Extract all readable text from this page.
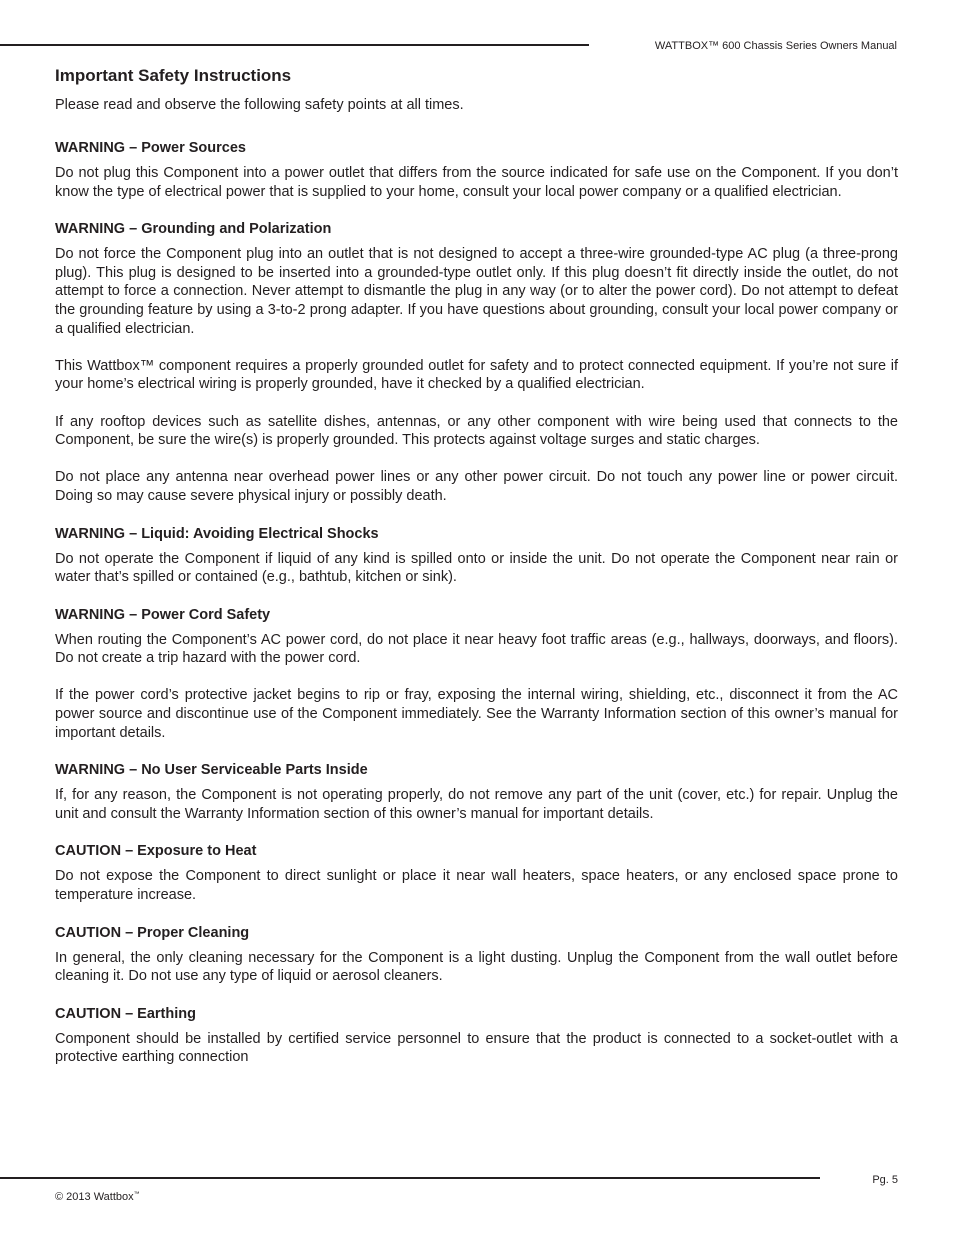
WATTBOX™ 600 Chassis Series Owners Manual
Important Safety Instructions
Please read and observe the following safety points at all times.
WARNING – Power Sources
Do not plug this Component into a power outlet that differs from the source indicated for safe use on the Component. If you don’t know the type of electrical power that is supplied to your home, consult your local power company or a qualified electrician.
WARNING – Grounding and Polarization
Do not force the Component plug into an outlet that is not designed to accept a three-wire grounded-type AC plug (a three-prong plug). This plug is designed to be inserted into a grounded-type outlet only. If this plug doesn’t fit directly inside the outlet, do not attempt to force a connection. Never attempt to dismantle the plug in any way (or to alter the power cord). Do not attempt to defeat the grounding feature by using a 3-to-2 prong adapter. If you have questions about grounding, consult your local power company or a qualified electrician.
This Wattbox™ component requires a properly grounded outlet for safety and to protect connected equipment. If you’re not sure if your home’s electrical wiring is properly grounded, have it checked by a qualified electrician.
If any rooftop devices such as satellite dishes, antennas, or any other component with wire being used that connects to the Component, be sure the wire(s) is properly grounded. This protects against voltage surges and static charges.
Do not place any antenna near overhead power lines or any other power circuit. Do not touch any power line or power circuit. Doing so may cause severe physical injury or possibly death.
WARNING – Liquid: Avoiding Electrical Shocks
Do not operate the Component if liquid of any kind is spilled onto or inside the unit. Do not operate the Component near rain or water that’s spilled or contained (e.g., bathtub, kitchen or sink).
WARNING – Power Cord Safety
When routing the Component’s AC power cord, do not place it near heavy foot traffic areas (e.g., hallways, doorways, and floors). Do not create a trip hazard with the power cord.
If the power cord’s protective jacket begins to rip or fray, exposing the internal wiring, shielding, etc., disconnect it from the AC power source and discontinue use of the Component immediately. See the Warranty Information section of this owner’s manual for important details.
WARNING – No User Serviceable Parts Inside
If, for any reason, the Component is not operating properly, do not remove any part of the unit (cover, etc.) for repair. Unplug the unit and consult the Warranty Information section of this owner’s manual for important details.
CAUTION – Exposure to Heat
Do not expose the Component to direct sunlight or place it near wall heaters, space heaters, or any enclosed space prone to temperature increase.
CAUTION – Proper Cleaning
In general, the only cleaning necessary for the Component is a light dusting. Unplug the Component from the wall outlet before cleaning it. Do not use any type of liquid or aerosol cleaners.
CAUTION – Earthing
Component should be installed by certified service personnel to ensure that the product is connected to a socket-outlet with a protective earthing connection
Pg. 5
© 2013 Wattbox™
